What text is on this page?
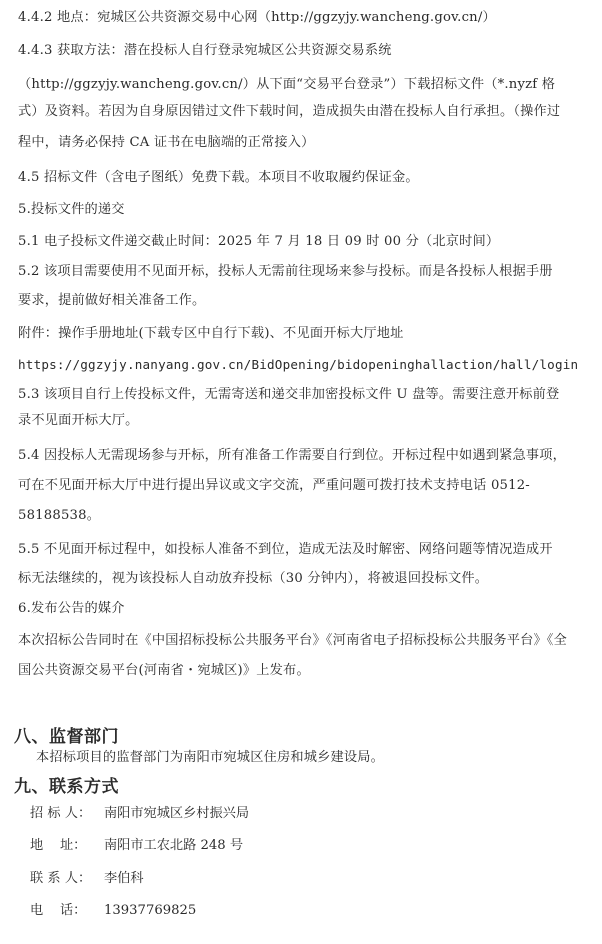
4.4.2 地点：宛城区公共资源交易中心网（http://ggzyjy.wancheng.gov.cn/）
4.4.3 获取方法：潜在投标人自行登录宛城区公共资源交易系统
（http://ggzyjy.wancheng.gov.cn/）从下面“交易平台登录”）下载招标文件（*.nyzf 格
式）及资料。若因为自身原因错过文件下载时间，造成损失由潜在投标人自行承担。（操作过
程中，请务必保持 CA 证书在电脑端的正常接入）
4.5 招标文件（含电子图纸）免费下载。本项目不收取履约保证金。
5.投标文件的递交
5.1 电子投标文件递交截止时间：2025 年 7 月 18 日 09 时 00 分（北京时间）
5.2 该项目需要使用不见面开标，投标人无需前往现场来参与投标。而是各投标人根据手册
要求，提前做好相关准备工作。
附件：操作手册地址(下载专区中自行下载)、不见面开标大厅地址
https://ggzyjy.nanyang.gov.cn/BidOpening/bidopeninghallaction/hall/login
5.3 该项目自行上传投标文件，无需寄送和递交非加密投标文件 U 盘等。需要注意开标前登
录不见面开标大厅。
5.4 因投标人无需现场参与开标，所有准备工作需要自行到位。开标过程中如遇到紧急事项，
可在不见面开标大厅中进行提出异议或文字交流，严重问题可拨打技术支持电话 0512-
58188538。
5.5 不见面开标过程中，如投标人准备不到位，造成无法及时解密、网络问题等情况造成开
标无法继续的，视为该投标人自动放弃投标（30 分钟内），将被退回投标文件。
6.发布公告的媒介
本次招标公告同时在《中国招标投标公共服务平台》《河南省电子招标投标公共服务平台》《全
国公共资源交易平台(河南省・宛城区)》上发布。
八、监督部门
本招标项目的监督部门为南阳市宛城区住房和城乡建设局。
九、联系方式
招 标 人： 南阳市宛城区乡村振兴局
地    址： 南阳市工农北路 248 号
联 系 人： 李伯科
电    话： 13937769825
